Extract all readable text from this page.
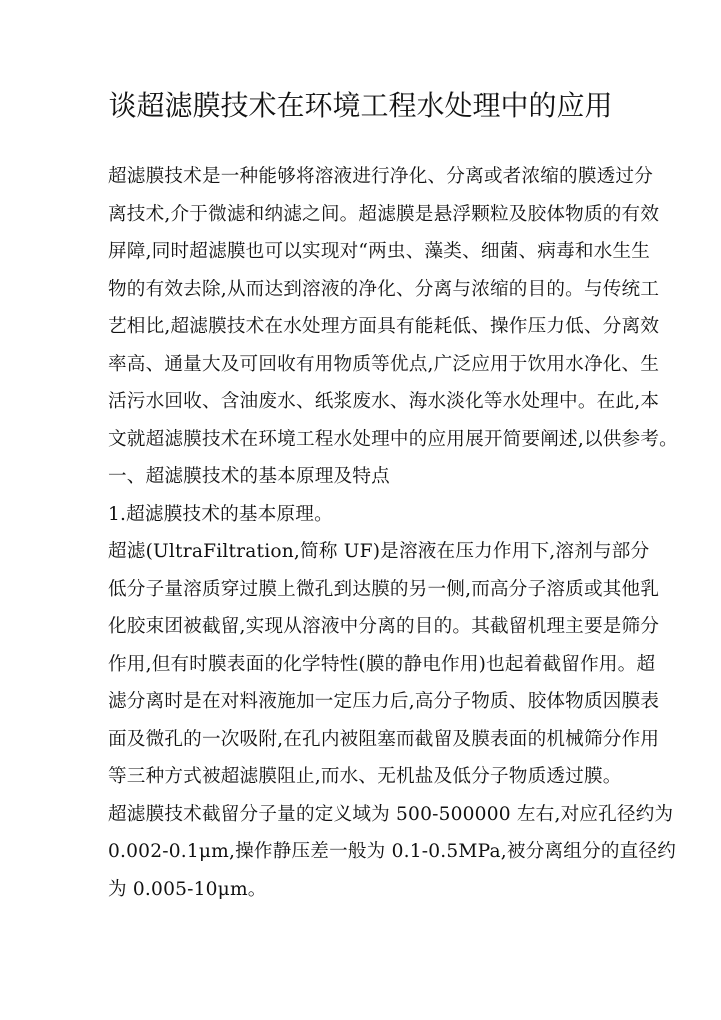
谈超滤膜技术在环境工程水处理中的应用
超滤膜技术是一种能够将溶液进行净化、分离或者浓缩的膜透过分
离技术,介于微滤和纳滤之间。超滤膜是悬浮颗粒及胶体物质的有效
屏障,同时超滤膜也可以实现对“两虫、藻类、细菌、病毒和水生生
物的有效去除,从而达到溶液的净化、分离与浓缩的目的。与传统工
艺相比,超滤膜技术在水处理方面具有能耗低、操作压力低、分离效
率高、通量大及可回收有用物质等优点,广泛应用于饮用水净化、生
活污水回收、含油废水、纸浆废水、海水淡化等水处理中。在此,本
文就超滤膜技术在环境工程水处理中的应用展开简要阐述,以供参考。
一、超滤膜技术的基本原理及特点
1.超滤膜技术的基本原理。
超滤(UltraFiltration,简称 UF)是溶液在压力作用下,溶剂与部分
低分子量溶质穿过膜上微孔到达膜的另一侧,而高分子溶质或其他乳
化胶束团被截留,实现从溶液中分离的目的。其截留机理主要是筛分
作用,但有时膜表面的化学特性(膜的静电作用)也起着截留作用。超
滤分离时是在对料液施加一定压力后,高分子物质、胶体物质因膜表
面及微孔的一次吸附,在孔内被阻塞而截留及膜表面的机械筛分作用
等三种方式被超滤膜阻止,而水、无机盐及低分子物质透过膜。
超滤膜技术截留分子量的定义域为 500-500000 左右,对应孔径约为
0.002-0.1μm,操作静压差一般为 0.1-0.5MPa,被分离组分的直径约
为 0.005-10μm。
